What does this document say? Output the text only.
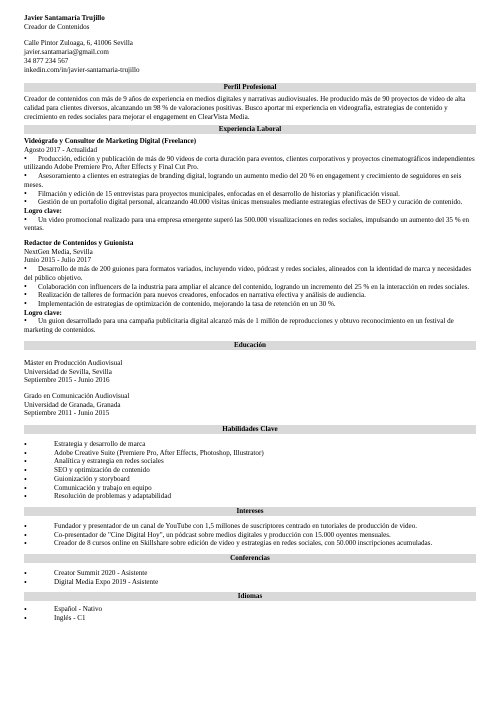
Javier Santamaría Trujillo
Creador de Contenidos
Calle Pintor Zuloaga, 6, 41006 Sevilla
javier.santamaria@gmail.com
34 877 234 567
inkedin.com/in/javier-santamaria-trujillo
Perfil Profesional
Creador de contenidos con más de 9 años de experiencia en medios digitales y narrativas audiovisuales. He producido más de 90 proyectos de video de alta calidad para clientes diversos, alcanzando un 98 % de valoraciones positivas. Busco aportar mi experiencia en videografía, estrategias de contenido y crecimiento en redes sociales para mejorar el engagement en ClearVista Media.
Experiencia Laboral
Videógrafo y Consultor de Marketing Digital (Freelance)
Agosto 2017 - Actualidad
•Producción, edición y publicación de más de 90 videos de corta duración para eventos, clientes corporativos y proyectos cinematográficos independientes utilizando Adobe Premiere Pro, After Effects y Final Cut Pro.
•Asesoramiento a clientes en estrategias de branding digital, logrando un aumento medio del 20 % en engagement y crecimiento de seguidores en seis meses.
•Filmación y edición de 15 entrevistas para proyectos municipales, enfocadas en el desarrollo de historias y planificación visual.
•Gestión de un portafolio digital personal, alcanzando 40.000 visitas únicas mensuales mediante estrategias efectivas de SEO y curación de contenido.
Logro clave:
•Un video promocional realizado para una empresa emergente superó las 500.000 visualizaciones en redes sociales, impulsando un aumento del 35 % en ventas.
Redactor de Contenidos y Guionista
NextGen Media, Sevilla
Junio 2015 - Julio 2017
•Desarrollo de más de 200 guiones para formatos variados, incluyendo video, pódcast y redes sociales, alineados con la identidad de marca y necesidades del público objetivo.
•Colaboración con influencers de la industria para ampliar el alcance del contenido, logrando un incremento del 25 % en la interacción en redes sociales.
•Realización de talleres de formación para nuevos creadores, enfocados en narrativa efectiva y análisis de audiencia.
•Implementación de estrategias de optimización de contenido, mejorando la tasa de retención en un 30 %.
Logro clave:
•Un guion desarrollado para una campaña publicitaria digital alcanzó más de 1 millón de reproducciones y obtuvo reconocimiento en un festival de marketing de contenidos.
Educación
Máster en Producción Audiovisual
Universidad de Sevilla, Sevilla
Septiembre 2015 - Junio 2016
Grado en Comunicación Audiovisual
Universidad de Granada, Granada
Septiembre 2011 - Junio 2015
Habilidades Clave
•
Estrategia y desarrollo de marca
•
Adobe Creative Suite (Premiere Pro, After Effects, Photoshop, Illustrator)
•
Analítica y estrategia en redes sociales
•
SEO y optimización de contenido
•
Guionización y storyboard
•
Comunicación y trabajo en equipo
•
Resolución de problemas y adaptabilidad
Intereses
•
Fundador y presentador de un canal de YouTube con 1,5 millones de suscriptores centrado en tutoriales de producción de video.
•
Co-presentador de "Cine Digital Hoy", un pódcast sobre medios digitales y producción con 15.000 oyentes mensuales.
•
Creador de 8 cursos online en Skillshare sobre edición de video y estrategias en redes sociales, con 50.000 inscripciones acumuladas.
Conferencias
•
Creator Summit 2020 - Asistente
•
Digital Media Expo 2019 - Asistente
Idiomas
•
Español - Nativo
•
Inglés - C1
